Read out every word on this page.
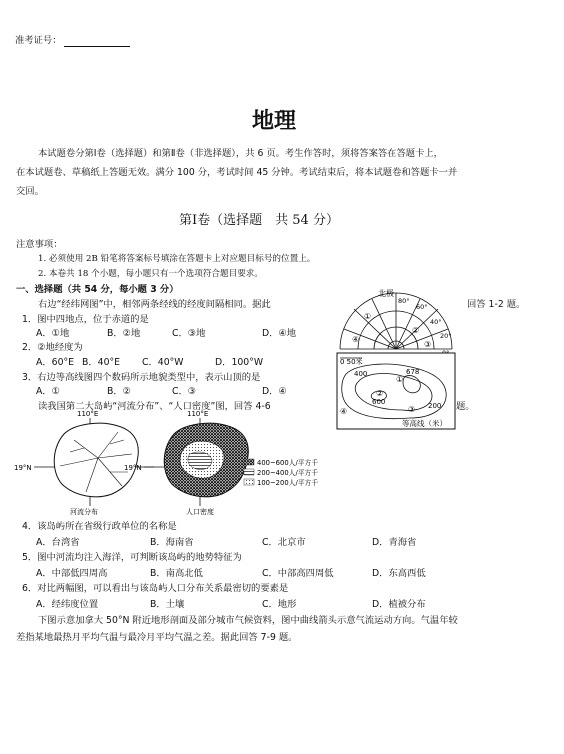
准考证号：
地理
本试题卷分第Ⅰ卷（选择题）和第Ⅱ卷（非选择题），共 6 页。考生作答时，须将答案答在答题卡上，
在本试题卷、草稿纸上答题无效。满分 100 分，考试时间 45 分钟。考试结束后，将本试题卷和答题卡一并
交回。
第Ⅰ卷（选择题　共 54 分）
注意事项：
1. 必须使用 2B 铅笔将答案标号填涂在答题卡上对应题目标号的位置上。
2. 本卷共 18 个小题，每小题只有一个选项符合题目要求。
一、选择题（共 54 分，每小题 3 分）
右边“经纬网图”中，相邻两条经线的经度间隔相同。据此	回答 1-2 题。
1．图中四地点，位于赤道的是
A．①地	B．②地	C．③地	D．④地
2．②地经度为
A．60°E B．40°E C．40°W	D．100°W
3．右边等高线图四个数码所示地貌类型中，表示山顶的是
A．①	B．②	C．③	D．④
读我国第二大岛屿“河流分布”、“人口密度”图，回答 4-6	题。
北极
80°
60°
40°
20°
①
②
③
④
0 50米
400
600
678
200
①
②
③
④
等高线（米）
110°E
19°N
河流分布
110°E
19°N
人口密度
400~600人/平方千
200~400人/平方千
100~200人/平方千
4．该岛屿所在省级行政单位的名称是
A．台湾省	B．海南省	C．北京市	D．青海省
5．图中河流均注入海洋，可判断该岛屿的地势特征为
A．中部低四周高	B．南高北低	C．中部高四周低	D．东高西低
6．对比两幅图，可以看出与该岛屿人口分布关系最密切的要素是
A．经纬度位置	B．土壤	C．地形	D．植被分布
下图示意加拿大 50°N 附近地形剖面及部分城市气候资料，图中曲线箭头示意气流运动方向。气温年较
差指某地最热月平均气温与最冷月平均气温之差。据此回答 7-9 题。
